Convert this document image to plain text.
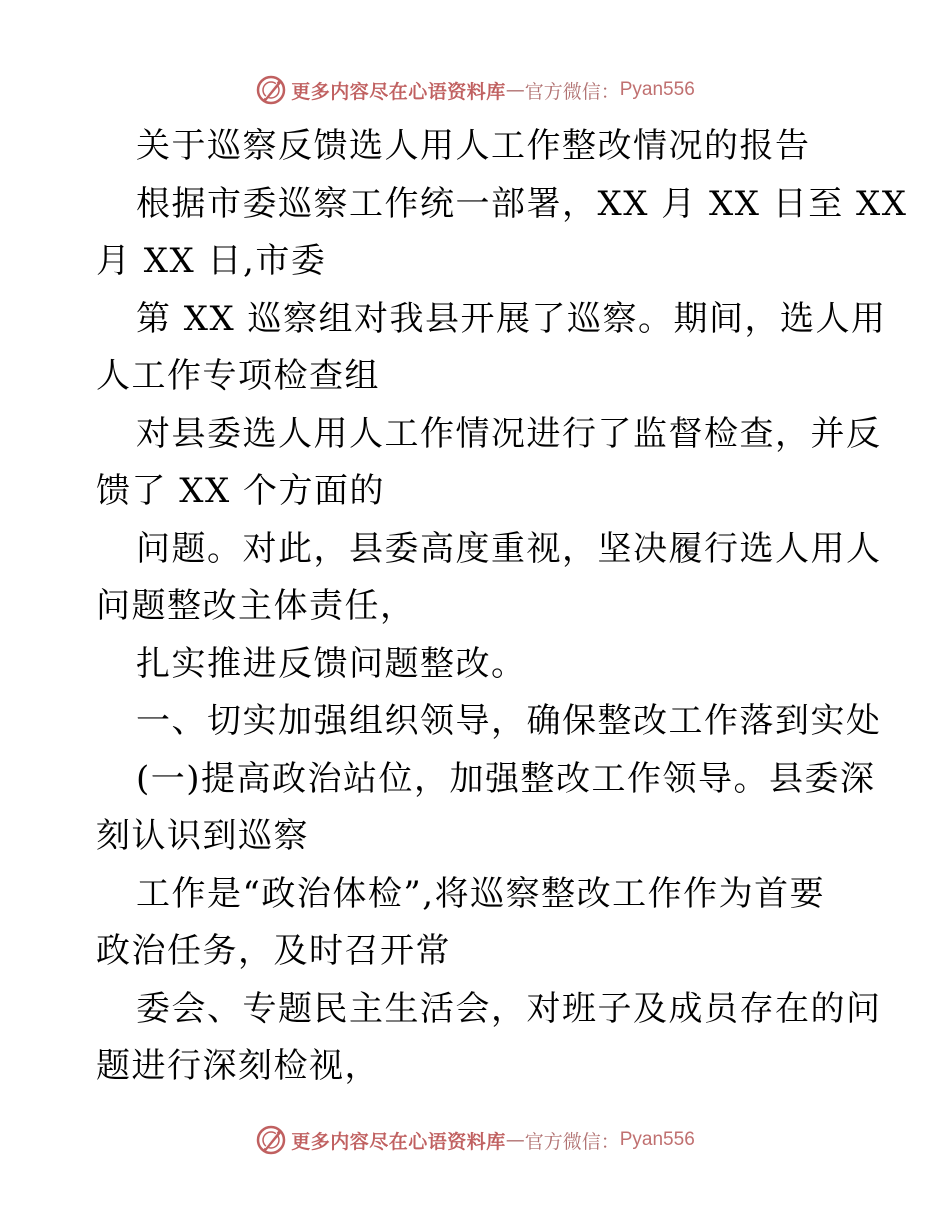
更多内容尽在心语资料库 — 官方微信： Pyan556
关于巡察反馈选人用人工作整改情况的报告
根据市委巡察工作统一部署，XX 月 XX 日至 XX
月 XX 日,市委
第 XX 巡察组对我县开展了巡察。期间，选人用
人工作专项检查组
对县委选人用人工作情况进行了监督检查，并反
馈了 XX 个方面的
问题。对此，县委高度重视，坚决履行选人用人
问题整改主体责任，
扎实推进反馈问题整改。
一、切实加强组织领导，确保整改工作落到实处
(一)提高政治站位，加强整改工作领导。县委深
刻认识到巡察
工作是“政治体检”,将巡察整改工作作为首要
政治任务，及时召开常
委会、专题民主生活会，对班子及成员存在的问
题进行深刻检视，
更多内容尽在心语资料库 — 官方微信： Pyan556
